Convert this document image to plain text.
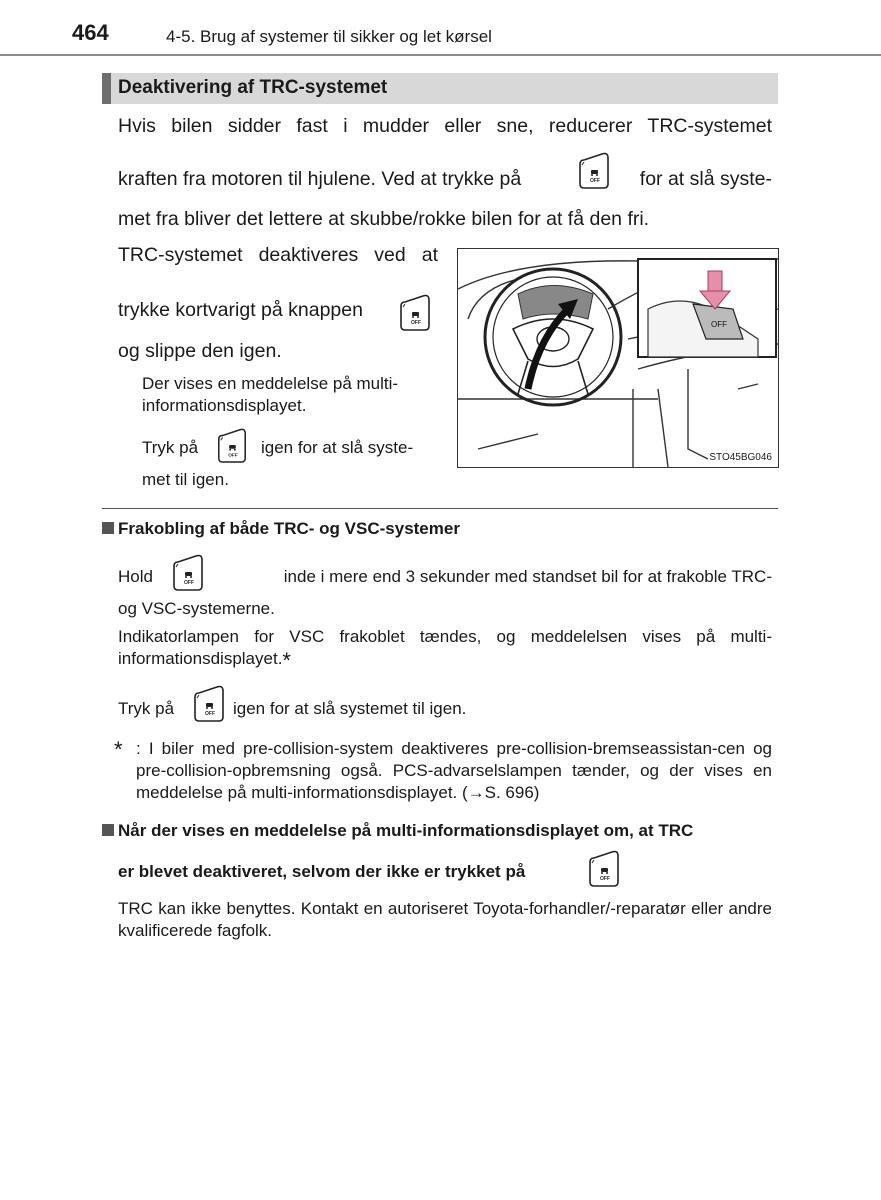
464	4-5. Brug af systemer til sikker og let kørsel
Deaktivering af TRC-systemet
Hvis bilen sidder fast i mudder eller sne, reducerer TRC-systemet
kraften fra motoren til hjulene. Ved at trykke på	OFF	for at slå syste-
met fra bliver det lettere at skubbe/rokke bilen for at få den fri.
TRC-systemet deaktiveres ved at
trykke kortvarigt på knappen
OFF
og slippe den igen.
Der vises en meddelelse på multi-informationsdisplayet.
Tryk på	OFF igen for at slå syste-
met til igen.
OFF
STO45BG046
Frakobling af både TRC- og VSC-systemer
Hold	OFF	inde i mere end 3 sekunder med standset bil for at frakoble TRC-
og VSC-systemerne.
Indikatorlampen for VSC frakoblet tændes, og meddelelsen vises på multi-informationsdisplayet.*
Tryk på	OFF igen for at slå systemet til igen.
* : I biler med pre-collision-system deaktiveres pre-collision-bremseassistan-cen og pre-collision-opbremsning også. PCS-advarselslampen tænder, og der vises en meddelelse på multi-informationsdisplayet. (→S. 696)
Når der vises en meddelelse på multi-informationsdisplayet om, at TRC
er blevet deaktiveret, selvom der ikke er trykket på	OFF
TRC kan ikke benyttes. Kontakt en autoriseret Toyota-forhandler/-reparatør eller andre kvalificerede fagfolk.
